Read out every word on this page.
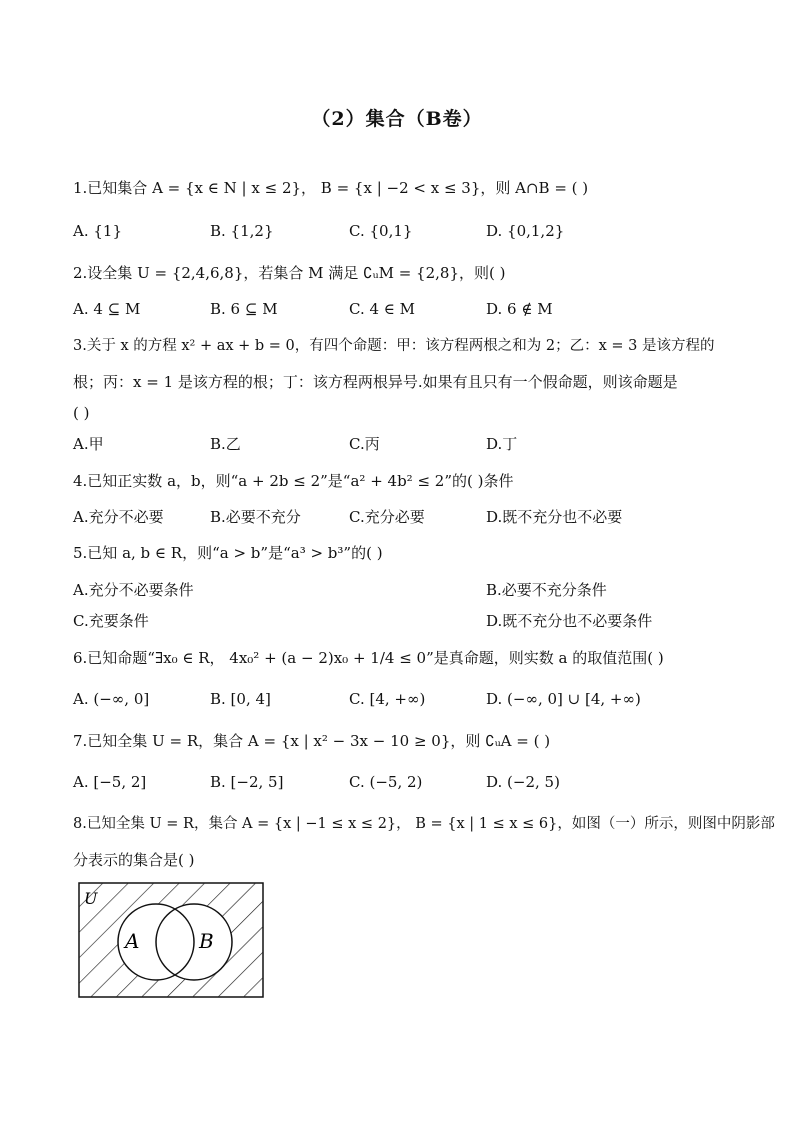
（2）集合（B卷）
1.已知集合 A = {x ∈ N | x ≤ 2}， B = {x | −2 < x ≤ 3}，则 A∩B = ( )
A. {1}	B. {1,2}	C. {0,1}	D. {0,1,2}
2.设全集 U = {2,4,6,8}，若集合 M 满足 ∁ᵤM = {2,8}，则( )
A. 4 ⊆ M	B. 6 ⊆ M	C. 4 ∈ M	D. 6 ∉ M
3.关于 x 的方程 x² + ax + b = 0，有四个命题：甲：该方程两根之和为 2；乙：x = 3 是该方程的
根；丙：x = 1 是该方程的根；丁：该方程两根异号.如果有且只有一个假命题，则该命题是
( )
A.甲	B.乙	C.丙	D.丁
4.已知正实数 a，b，则“a + 2b ≤ 2”是“a² + 4b² ≤ 2”的( )条件
A.充分不必要	B.必要不充分	C.充分必要	D.既不充分也不必要
5.已知 a, b ∈ R，则“a > b”是“a³ > b³”的( )
A.充分不必要条件	B.必要不充分条件
C.充要条件	D.既不充分也不必要条件
6.已知命题“∃x₀ ∈ R， 4x₀² + (a − 2)x₀ + 1/4 ≤ 0”是真命题，则实数 a 的取值范围( )
A. (−∞, 0]	B. [0, 4]	C. [4, +∞)	D. (−∞, 0] ∪ [4, +∞)
7.已知全集 U = R，集合 A = {x | x² − 3x − 10 ≥ 0}，则 ∁ᵤA = ( )
A. [−5, 2]	B. [−2, 5]	C. (−5, 2)	D. (−2, 5)
8.已知全集 U = R，集合 A = {x | −1 ≤ x ≤ 2}， B = {x | 1 ≤ x ≤ 6}，如图（一）所示，则图中阴影部
分表示的集合是( )
U
A	B
